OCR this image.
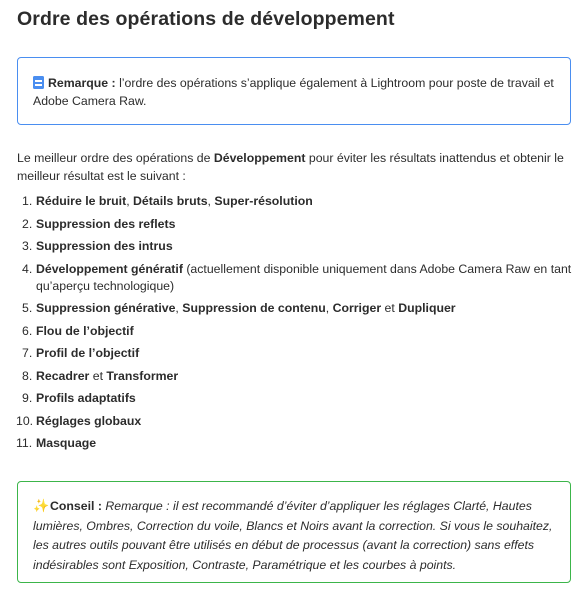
Ordre des opérations de développement
Remarque : l’ordre des opérations s’applique également à Lightroom pour poste de travail et Adobe Camera Raw.

Le meilleur ordre des opérations de Développement pour éviter les résultats inattendus et obtenir le meilleur résultat est le suivant :

1. Réduire le bruit, Détails bruts, Super-résolution
2. Suppression des reflets
3. Suppression des intrus
4. Développement génératif (actuellement disponible uniquement dans Adobe Camera Raw en tant qu’aperçu technologique)
5. Suppression générative, Suppression de contenu, Corriger et Dupliquer
6. Flou de l’objectif
7. Profil de l’objectif
8. Recadrer et Transformer
9. Profils adaptatifs
10. Réglages globaux
11. Masquage
✨Conseil : Remarque : il est recommandé d’éviter d’appliquer les réglages Clarté, Hautes lumières, Ombres, Correction du voile, Blancs et Noirs avant la correction. Si vous le souhaitez, les autres outils pouvant être utilisés en début de processus (avant la correction) sans effets indésirables sont Exposition, Contraste, Paramétrique et les courbes à points.
